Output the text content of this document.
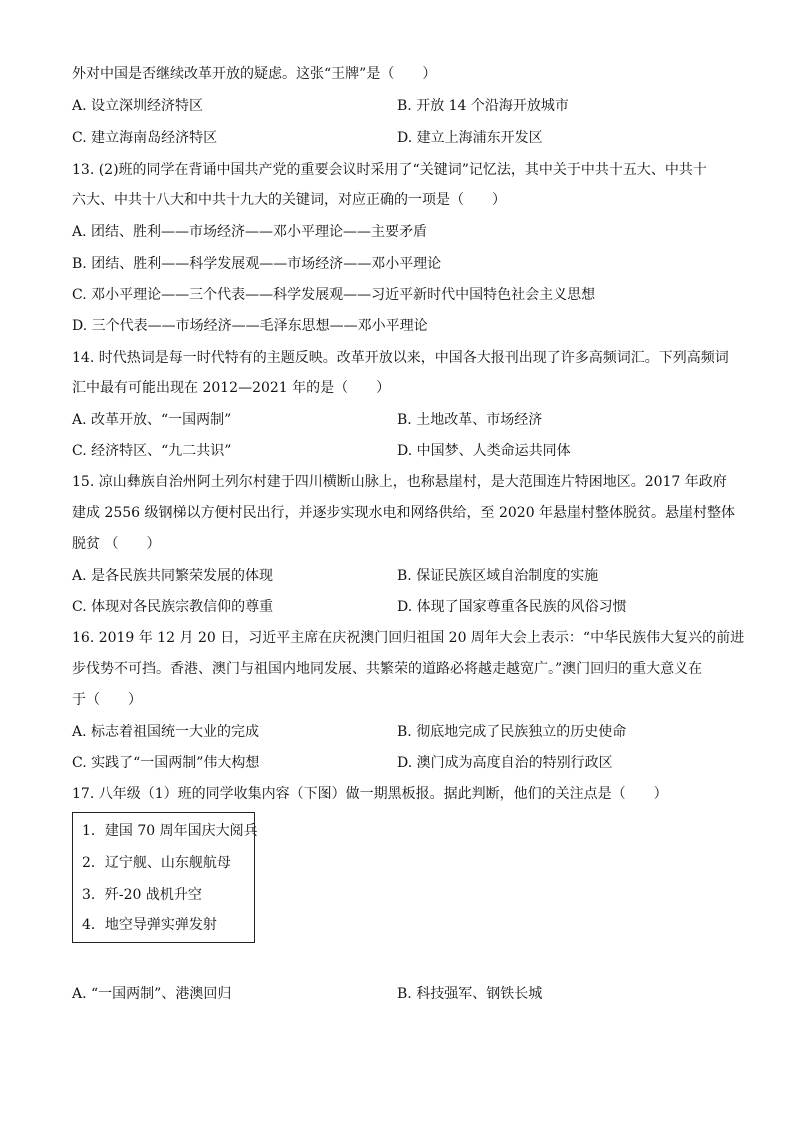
外对中国是否继续改革开放的疑虑。这张“王牌”是（　　）
A. 设立深圳经济特区	B. 开放 14 个沿海开放城市
C. 建立海南岛经济特区	D. 建立上海浦东开发区
13. (2)班的同学在背诵中国共产党的重要会议时采用了“关键词”记忆法，其中关于中共十五大、中共十
六大、中共十八大和中共十九大的关键词，对应正确的一项是（　　）
A. 团结、胜利——市场经济——邓小平理论——主要矛盾
B. 团结、胜利——科学发展观——市场经济——邓小平理论
C. 邓小平理论——三个代表——科学发展观——习近平新时代中国特色社会主义思想
D. 三个代表——市场经济——毛泽东思想——邓小平理论
14. 时代热词是每一时代特有的主题反映。改革开放以来，中国各大报刊出现了许多高频词汇。下列高频词
汇中最有可能出现在 2012—2021 年的是（　　）
A. 改革开放、“一国两制”	B. 土地改革、市场经济
C. 经济特区、“九二共识”	D. 中国梦、人类命运共同体
15. 凉山彝族自治州阿土列尔村建于四川横断山脉上，也称悬崖村，是大范围连片特困地区。2017 年政府
建成 2556 级钢梯以方便村民出行，并逐步实现水电和网络供给，至 2020 年悬崖村整体脱贫。悬崖村整体
脱贫 （　　）
A. 是各民族共同繁荣发展的体现	B. 保证民族区域自治制度的实施
C. 体现对各民族宗教信仰的尊重	D. 体现了国家尊重各民族的风俗习惯
16. 2019 年 12 月 20 日，习近平主席在庆祝澳门回归祖国 20 周年大会上表示：“中华民族伟大复兴的前进
步伐势不可挡。香港、澳门与祖国内地同发展、共繁荣的道路必将越走越宽广。”澳门回归的重大意义在
于（　　）
A. 标志着祖国统一大业的完成	B. 彻底地完成了民族独立的历史使命
C. 实践了“一国两制”伟大构想	D. 澳门成为高度自治的特别行政区
17. 八年级（1）班的同学收集内容（下图）做一期黑板报。据此判断，他们的关注点是（　　）
1．建国 70 周年国庆大阅兵
2．辽宁舰、山东舰航母
3．歼-20 战机升空
4．地空导弹实弹发射
A. “一国两制”、港澳回归	B. 科技强军、钢铁长城
